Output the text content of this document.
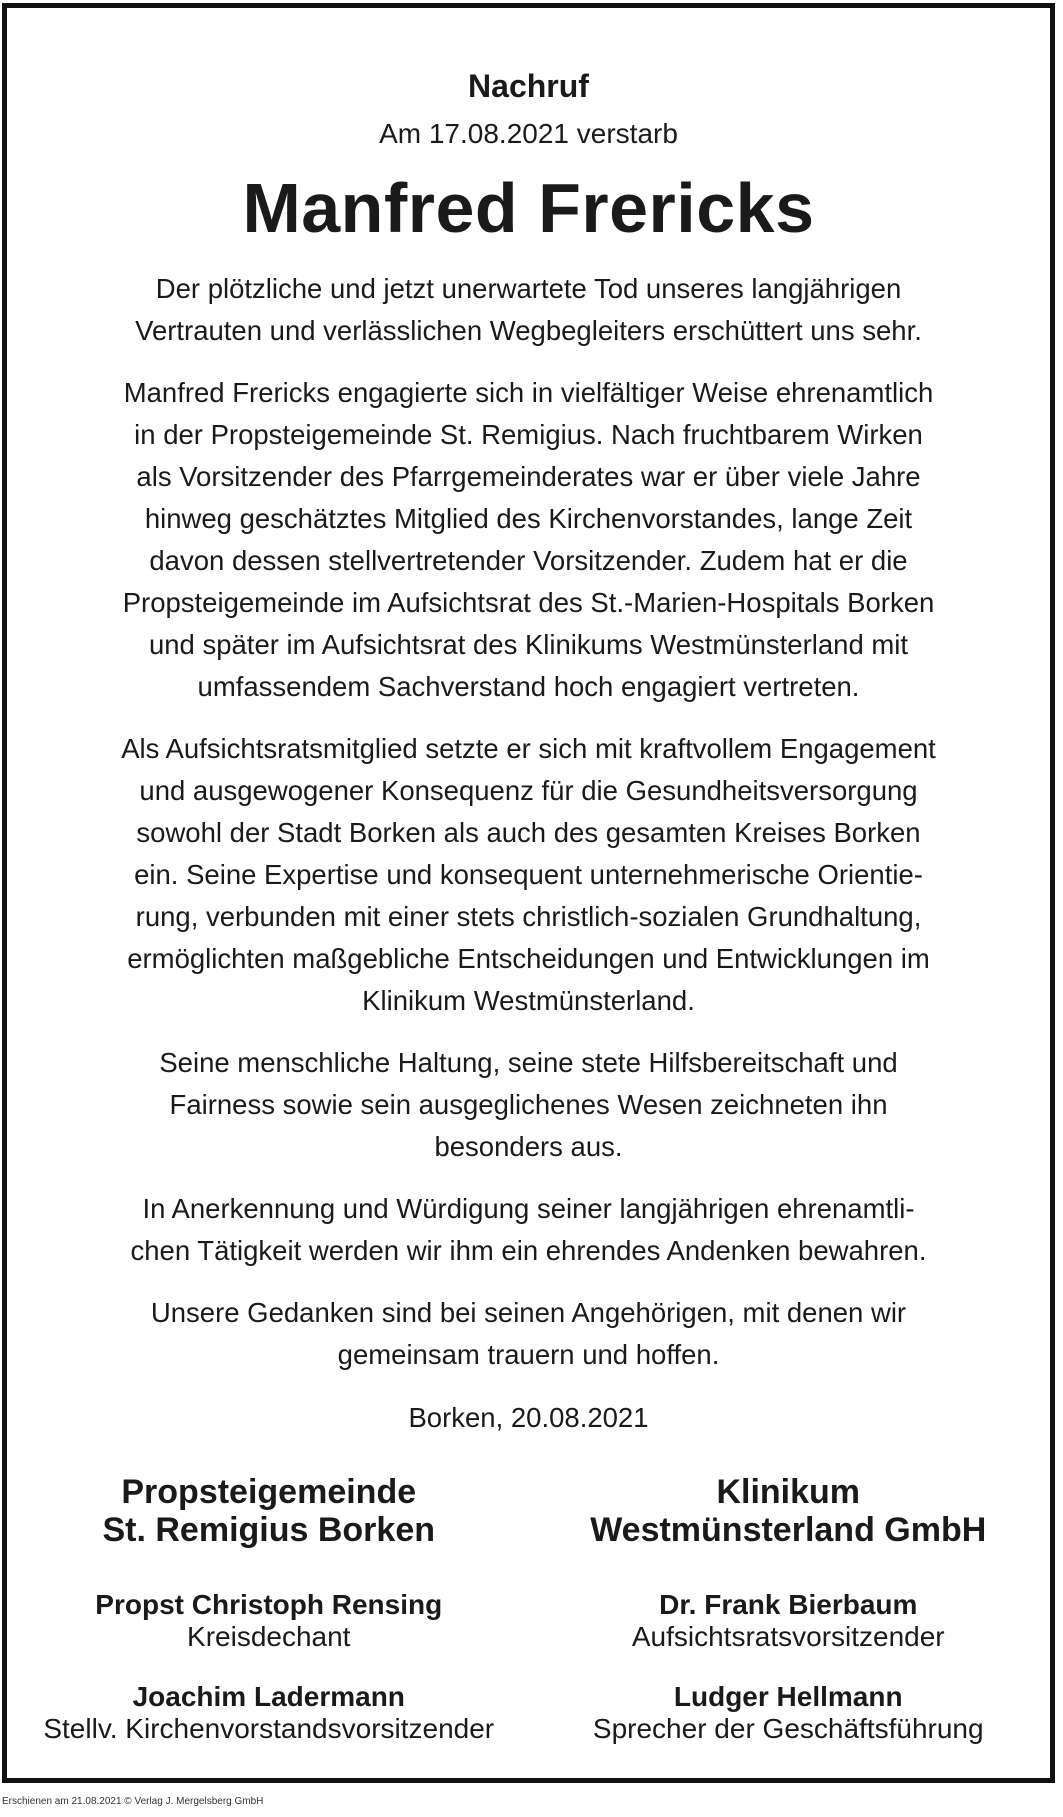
Nachruf

Am 17.08.2021 verstarb

Manfred Frericks

Der plötzliche und jetzt unerwartete Tod unseres langjährigen
Vertrauten und verlässlichen Wegbegleiters erschüttert uns sehr.
Manfred Frericks engagierte sich in vielfältiger Weise ehrenamtlich
in der Propsteigemeinde St. Remigius. Nach fruchtbarem Wirken
als Vorsitzender des Pfarrgemeinderates war er über viele Jahre
hinweg geschätztes Mitglied des Kirchenvorstandes, lange Zeit
davon dessen stellvertretender Vorsitzender. Zudem hat er die
Propsteigemeinde im Aufsichtsrat des St.-Marien-Hospitals Borken
und später im Aufsichtsrat des Klinikums Westmünsterland mit
umfassendem Sachverstand hoch engagiert vertreten.
Als Aufsichtsratsmitglied setzte er sich mit kraftvollem Engagement
und ausgewogener Konsequenz für die Gesundheitsversorgung
sowohl der Stadt Borken als auch des gesamten Kreises Borken
ein. Seine Expertise und konsequent unternehmerische Orientie-
rung, verbunden mit einer stets christlich-sozialen Grundhaltung,
ermöglichten maßgebliche Entscheidungen und Entwicklungen im
Klinikum Westmünsterland.
Seine menschliche Haltung, seine stete Hilfsbereitschaft und
Fairness sowie sein ausgeglichenes Wesen zeichneten ihn
besonders aus.
In Anerkennung und Würdigung seiner langjährigen ehrenamtli-
chen Tätigkeit werden wir ihm ein ehrendes Andenken bewahren.
Unsere Gedanken sind bei seinen Angehörigen, mit denen wir
gemeinsam trauern und hoffen.
Borken, 20.08.2021

Propsteigemeinde

St. Remigius Borken

Propst Christoph Rensing

Kreisdechant

Joachim Ladermann

Stellv. Kirchenvorstandsvorsitzender

Klinikum

Westmünsterland GmbH

Dr. Frank Bierbaum

Aufsichtsratsvorsitzender

Ludger Hellmann

Sprecher der Geschäftsführung

Erschienen am 21.08.2021 © Verlag J. Mergelsberg GmbH
